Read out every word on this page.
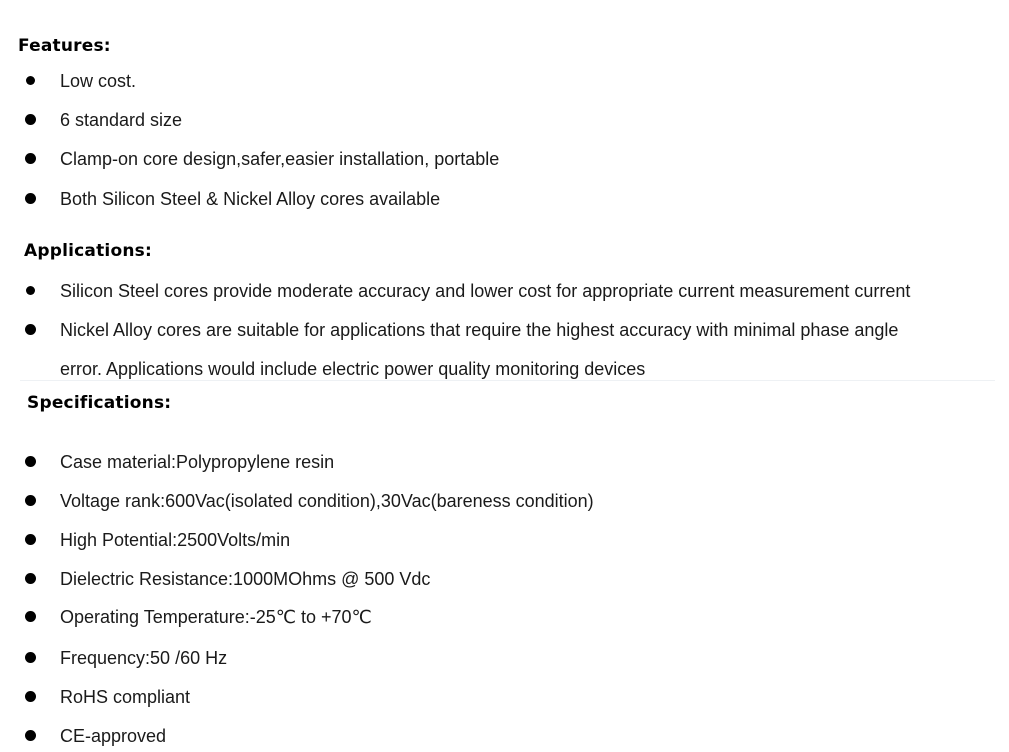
Features:
Low cost.
6 standard size
Clamp-on core design,safer,easier installation, portable
Both Silicon Steel & Nickel Alloy cores available
Applications:
Silicon Steel cores provide moderate accuracy and lower cost for appropriate current measurement current
Nickel Alloy cores are suitable for applications that require the highest accuracy with minimal phase angle
error. Applications would include electric power quality monitoring devices
Specifications:
Case material:Polypropylene resin
Voltage rank:600Vac(isolated condition),30Vac(bareness condition)
High Potential:2500Volts/min
Dielectric Resistance:1000MOhms @ 500 Vdc
Operating Temperature:-25℃ to +70℃
Frequency:50 /60 Hz
RoHS compliant
CE-approved
